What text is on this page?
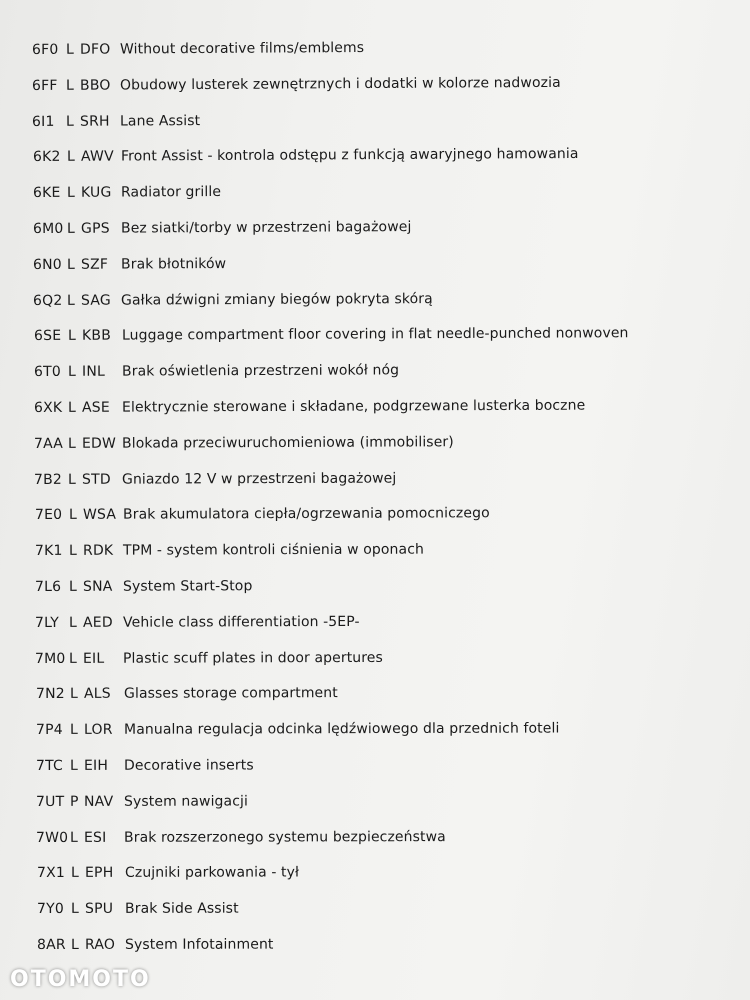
6F0 L DFO Without decorative films/emblems
6FF L BBO Obudowy lusterek zewnętrznych i dodatki w kolorze nadwozia
6I1 L SRH Lane Assist
6K2 L AWV Front Assist - kontrola odstępu z funkcją awaryjnego hamowania
6KE L KUG Radiator grille
6M0 L GPS Bez siatki/torby w przestrzeni bagażowej
6N0 L SZF Brak błotników
6Q2 L SAG Gałka dźwigni zmiany biegów pokryta skórą
6SE L KBB Luggage compartment floor covering in flat needle-punched nonwoven
6T0 L INL	Brak oświetlenia przestrzeni wokół nóg
6XK L ASE Elektrycznie sterowane i składane, podgrzewane lusterka boczne
7AA L EDW Blokada przeciwuruchomieniowa (immobiliser)
7B2 L STD Gniazdo 12 V w przestrzeni bagażowej
7E0 L WSA Brak akumulatora ciepła/ogrzewania pomocniczego
7K1 L RDK TPM - system kontroli ciśnienia w oponach
7L6 L SNA System Start-Stop
7LY L AED Vehicle class differentiation -5EP-
7M0 L EIL	Plastic scuff plates in door apertures
7N2 L ALS Glasses storage compartment
7P4 L LOR Manualna regulacja odcinka lędźwiowego dla przednich foteli
7TC L EIH	Decorative inserts
7UT P NAV System nawigacji
7W0 L ESI	Brak rozszerzonego systemu bezpieczeństwa
7X1 L EPH Czujniki parkowania - tył
7Y0 L SPU Brak Side Assist
8AR L RAO System Infotainment
OTOMOTO
